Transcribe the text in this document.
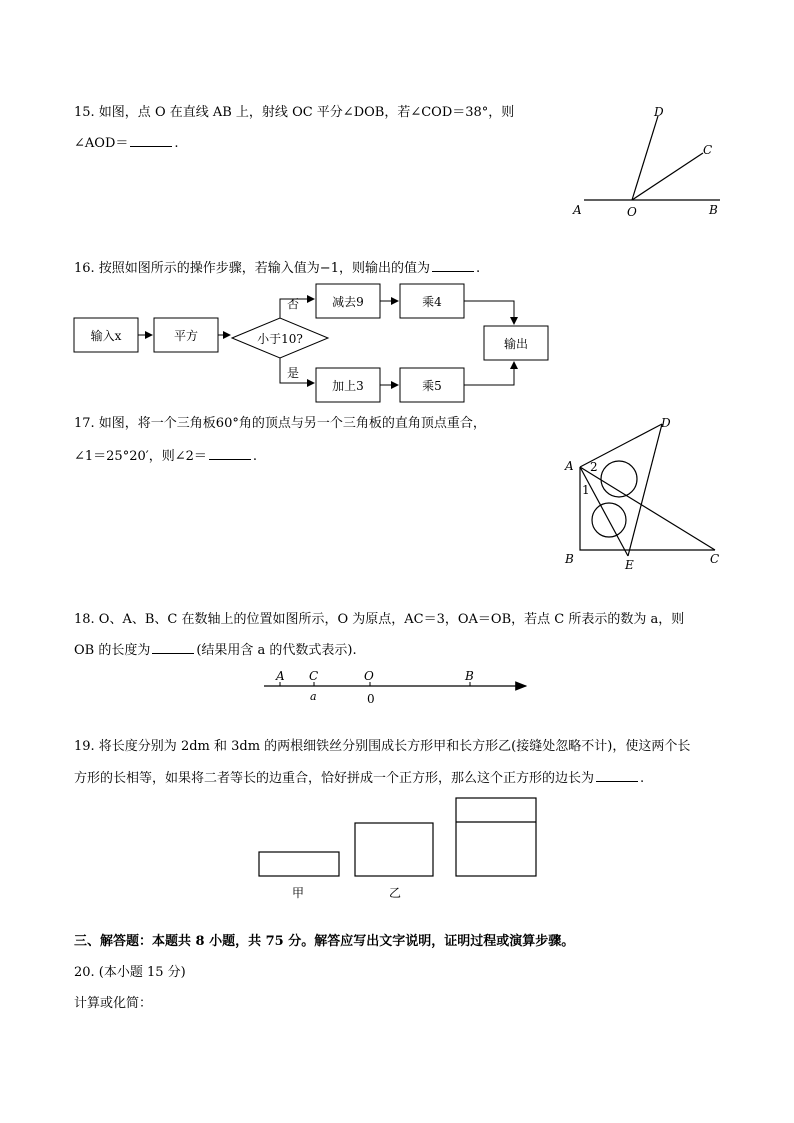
15. 如图，点 O 在直线 AB 上，射线 OC 平分∠DOB，若∠COD＝38°，则
∠AOD＝	.
D
C
A	O	B
16. 按照如图所示的操作步骤，若输入值为−1，则输出的值为	.
输入x	平方	小于10?
否
是
减去9	乘4
加上3	乘5
输出
17. 如图，将一个三角板60°角的顶点与另一个三角板的直角顶点重合，
∠1＝25°20′，则∠2＝	.
A 2
1
D
B	E	C
18. O、A、B、C 在数轴上的位置如图所示，O 为原点，AC＝3，OA＝OB，若点 C 所表示的数为 a，则
OB 的长度为	(结果用含 a 的代数式表示).
A C	O	B
a	0
19. 将长度分别为 2dm 和 3dm 的两根细铁丝分别围成长方形甲和长方形乙(接缝处忽略不计)，使这两个长
方形的长相等，如果将二者等长的边重合，恰好拼成一个正方形，那么这个正方形的边长为	.
甲	乙
三、解答题：本题共 8 小题，共 75 分。解答应写出文字说明，证明过程或演算步骤。
20. (本小题 15 分)
计算或化简：
